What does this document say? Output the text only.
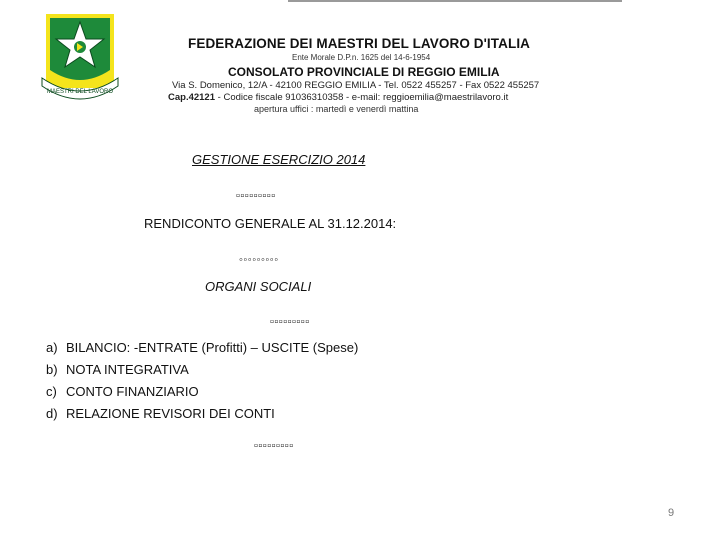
MAESTRI DEL LAVORO
FEDERAZIONE DEI MAESTRI DEL LAVORO D'ITALIA
Ente Morale D.P.n. 1625 del 14-6-1954
CONSOLATO PROVINCIALE DI REGGIO EMILIA
Via S. Domenico, 12/A - 42100 REGGIO EMILIA - Tel. 0522 455257 - Fax 0522 455257
Cap.42121 - Codice fiscale 91036310358 - e-mail: reggioemilia@maestrilavoro.it
apertura uffici : martedì e venerdì mattina
GESTIONE ESERCIZIO 2014
▫▫▫▫▫▫▫▫▫
RENDICONTO GENERALE AL 31.12.2014:
◦◦◦◦◦◦◦◦◦
ORGANI SOCIALI
▫▫▫▫▫▫▫▫▫
a) BILANCIO: -ENTRATE (Profitti) – USCITE (Spese)
b) NOTA INTEGRATIVA
c) CONTO FINANZIARIO
d) RELAZIONE REVISORI DEI CONTI
▫▫▫▫▫▫▫▫▫
9
